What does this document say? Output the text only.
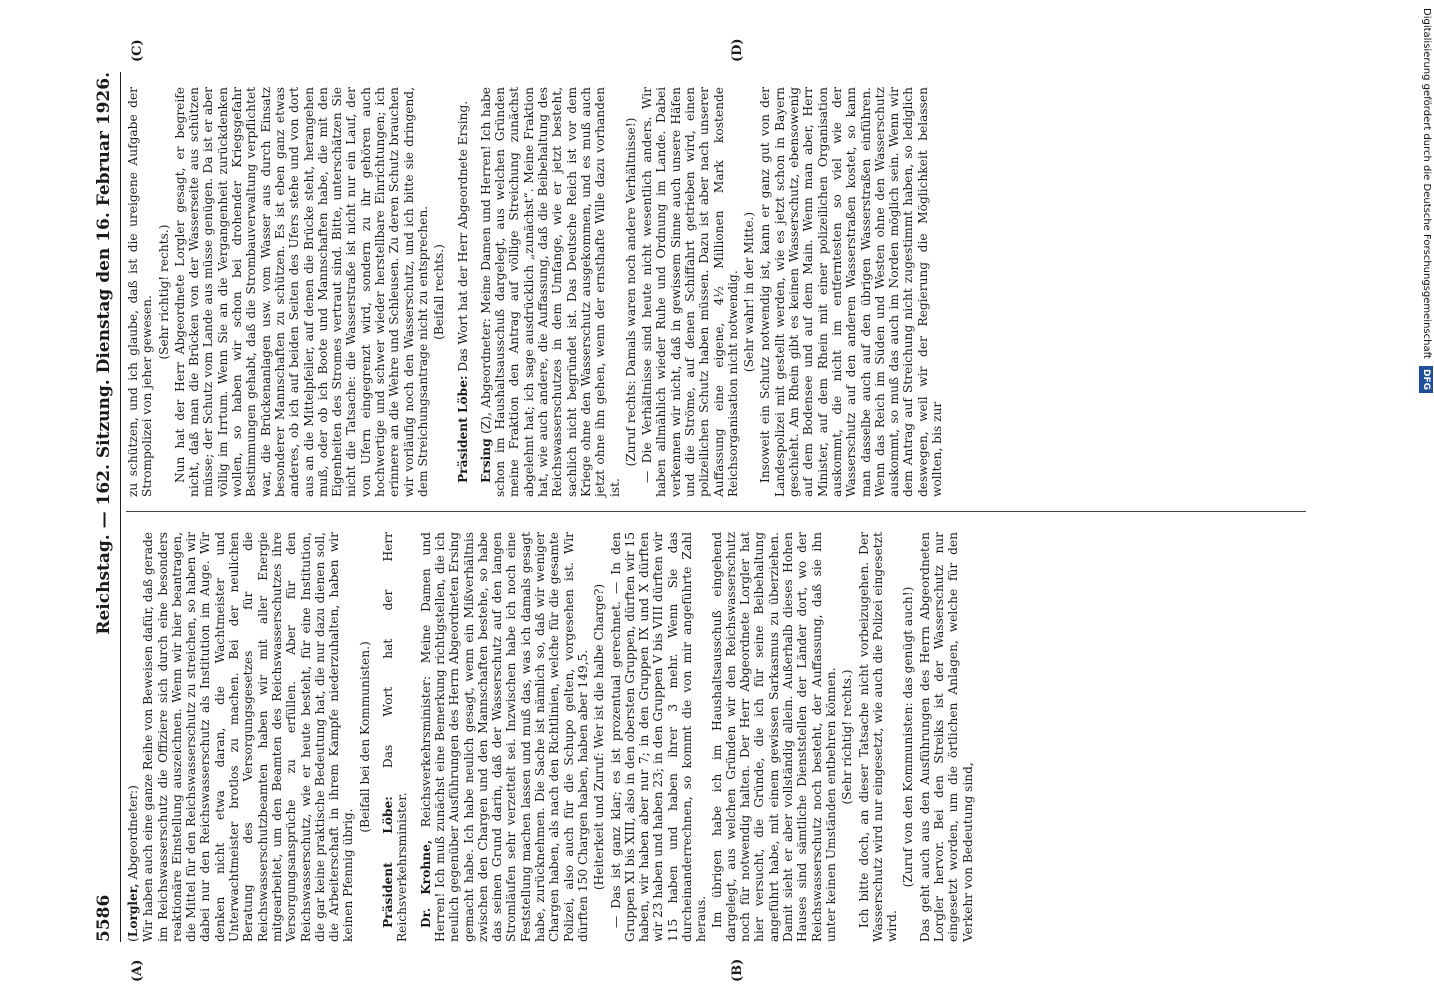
5586
Reichstag. — 162. Sitzung.
Dienstag den 16. Februar 1926.

(Lorgler, Abgeordneter:) Wir haben auch eine ganze Reihe von Beweisen dafür, daß gerade im Reichswasserschutz die Offiziere sich durch eine besonders reaktionäre Einstellung auszeichnen. Wenn wir hier beantragen, die Mittel für den Reichswasserschutz zu streichen, so haben wir dabei nur den Reichswasserschutz als Institution im Auge. Wir denken nicht etwa daran, die Wachtmeister und Unterwachtmeister brotlos zu machen. Bei der neulichen Beratung des Versorgungsgesetzes für die Reichswasserschutzbeamten haben wir mit aller Energie mitgearbeitet, um den Beamten des Reichswasserschutzes ihre Versorgungsansprüche zu erfüllen. Aber für den Reichswasserschutz, wie er heute besteht, für eine Institution, die gar keine praktische Bedeutung hat, die nur dazu dienen soll, die Arbeiterschaft in ihrem Kampfe niederzuhalten, haben wir keinen Pfennig übrig.

(Beifall bei den Kommunisten.)

Präsident Löbe: Das Wort hat der Herr Reichsverkehrsminister. Dr. Krohne, Reichsverkehrsminister: Meine Damen und Herren! Ich muß zunächst eine Bemerkung richtigstellen, die ich neulich gegenüber Ausführungen des Herrn Abgeordneten Ersing gemacht habe. Ich habe neulich gesagt, wenn ein Mißverhältnis zwischen den Chargen und den Mannschaften bestehe, so habe das seinen Grund darin, daß der Wasserschutz auf den langen Stromläufen sehr verzettelt sei. Inzwischen habe ich noch eine Feststellung machen lassen und muß das, was ich damals gesagt habe, zurücknehmen. Die Sache ist nämlich so, daß wir weniger Chargen haben, als nach den Richtlinien, welche für die gesamte Polizei, also auch für die Schupo gelten, vorgesehen ist. Wir dürften 150 Chargen haben, haben aber 149,5. (Heiterkeit und Zuruf: Wer ist die halbe Charge?) — Das ist ganz klar; es ist prozentual gerechnet. — In den Gruppen XI bis XIII, also in den obersten Gruppen, dürften wir 15 haben, wir haben aber nur 7; in den Gruppen IX und X dürften wir 23 haben und haben 23; in den Gruppen V bis VIII dürften wir 115 haben und haben ihrer 3 mehr. Wenn Sie das durcheinanderrechnen, so kommt die von mir angeführte Zahl heraus. Im übrigen habe ich im Haushaltsausschuß eingehend dargelegt, aus welchen Gründen wir den Reichswasserschutz noch für notwendig halten. Der Herr Abgeordnete Lorgler hat hier versucht, die Gründe, die ich für seine Beibehaltung angeführt habe, mit einem gewissen Sarkasmus zu überziehen. Damit sieht er aber vollständig allein. Außerhalb dieses Hohen Hauses sind sämtliche Dienststellen der Länder dort, wo der Reichswasserschutz noch besteht, der Auffassung, daß sie ihn unter keinen Umständen entbehren können. (Sehr richtig! rechts.) Ich bitte doch, an dieser Tatsache nicht vorbeizugehen. Der Wasserschutz wird nur eingesetzt, wie auch die Polizei eingesetzt wird.

(Zuruf von den Kommunisten: das genügt auch!) Das geht auch aus den Ausführungen des Herrn Abgeordneten Lorgler hervor. Bei den Streiks ist der Wasserschutz nur eingesetzt worden, um die örtlichen Anlagen, welche für den Verkehr von Bedeutung sind,

zu schützen, und ich glaube, daß ist die ureigene Aufgabe der Strompolizei von jeher gewesen.

(Sehr richtig! rechts.) Nun hat der Herr Abgeordnete Lorgler gesagt, er begreife nicht, daß man die Brücken von der Wasserseite aus schützen müsse; der Schutz vom Lande aus müsse genügen. Da ist er aber völlig im Irrtum. Wenn Sie an die Vergangenheit zurückdenken wollen, so haben wir schon bei drohender Kriegsgefahr Bestimmungen gehabt, daß die Strombauverwaltung verpflichtet war, die Brückenanlagen usw. vom Wasser aus durch Einsatz besonderer Mannschaften zu schützen. Es ist eben ganz etwas anderes, ob ich auf beiden Seiten des Ufers stehe und von dort aus an die Mittelpfeiler, auf denen die Brücke steht, herangehen muß, oder ob ich Boote und Mannschaften habe, die mit den Eigenheiten des Stromes vertraut sind. Bitte, unterschätzen Sie nicht die Tatsache: die Wasserstraße ist nicht nur ein Lauf, der von Ufern eingegrenzt wird, sondern zu ihr gehören auch hochwertige und schwer wieder herstellbare Einrichtungen; ich erinnere an die Wehre und Schleusen. Zu deren Schutz brauchen wir vorläufig noch den Wasserschutz, und ich bitte sie dringend, dem Streichungsantrage nicht zu entsprechen. (Beifall rechts.)

Präsident Löbe: Das Wort hat der Herr Abgeordnete Ersing.

Ersing (Z), Abgeordneter: Meine Damen und Herren! Ich habe schon im Haushaltsausschuß dargelegt, aus welchen Gründen meine Fraktion den Antrag auf völlige Streichung zunächst abgelehnt hat; ich sage ausdrücklich „zunächst“. Meine Fraktion hat, wie auch andere, die Auffassung, daß die Beibehaltung des Reichswasserschutzes in dem Umfange, wie er jetzt besteht, sachlich nicht begründet ist. Das Deutsche Reich ist vor dem Kriege ohne den Wasserschutz ausgekommen, und es muß auch jetzt ohne ihn gehen, wenn der ernsthafte Wille dazu vorhanden ist.

(Zuruf rechts: Damals waren noch andere Verhältnisse!) — Die Verhältnisse sind heute nicht wesentlich anders. Wir haben allmählich wieder Ruhe und Ordnung im Lande. Dabei verkennen wir nicht, daß in gewissem Sinne auch unsere Häfen und die Ströme, auf denen Schiffahrt getrieben wird, einen polizeilichen Schutz haben müssen. Dazu ist aber nach unserer Auffassung eine eigene, 4½ Millionen Mark kostende Reichsorganisation nicht notwendig. (Sehr wahr! in der Mitte.) Insoweit ein Schutz notwendig ist, kann er ganz gut von der Landespolizei mit gestellt werden, wie es jetzt schon in Bayern geschieht. Am Rhein gibt es keinen Wasserschutz, ebensowenig auf dem Bodensee und auf dem Main. Wenn man aber, Herr Minister, auf dem Rhein mit einer polizeilichen Organisation auskommt, die nicht im entferntesten so viel wie der Wasserschutz auf den anderen Wasserstraßen kostet, so kann man dasselbe auch auf den übrigen Wasserstraßen einführen. Wenn das Reich im Süden und Westen ohne den Wasserschutz auskommt, so muß das auch im Norden möglich sein. Wenn wir dem Antrag auf Streichung nicht zugestimmt haben, so lediglich deswegen, weil wir der Regierung die Möglichkeit belassen wollten, bis zur

(A)	(B)
(C)	(D)	Digitalisierung gefördert durch die Deutsche Forschungsgemeinschaft DFG
